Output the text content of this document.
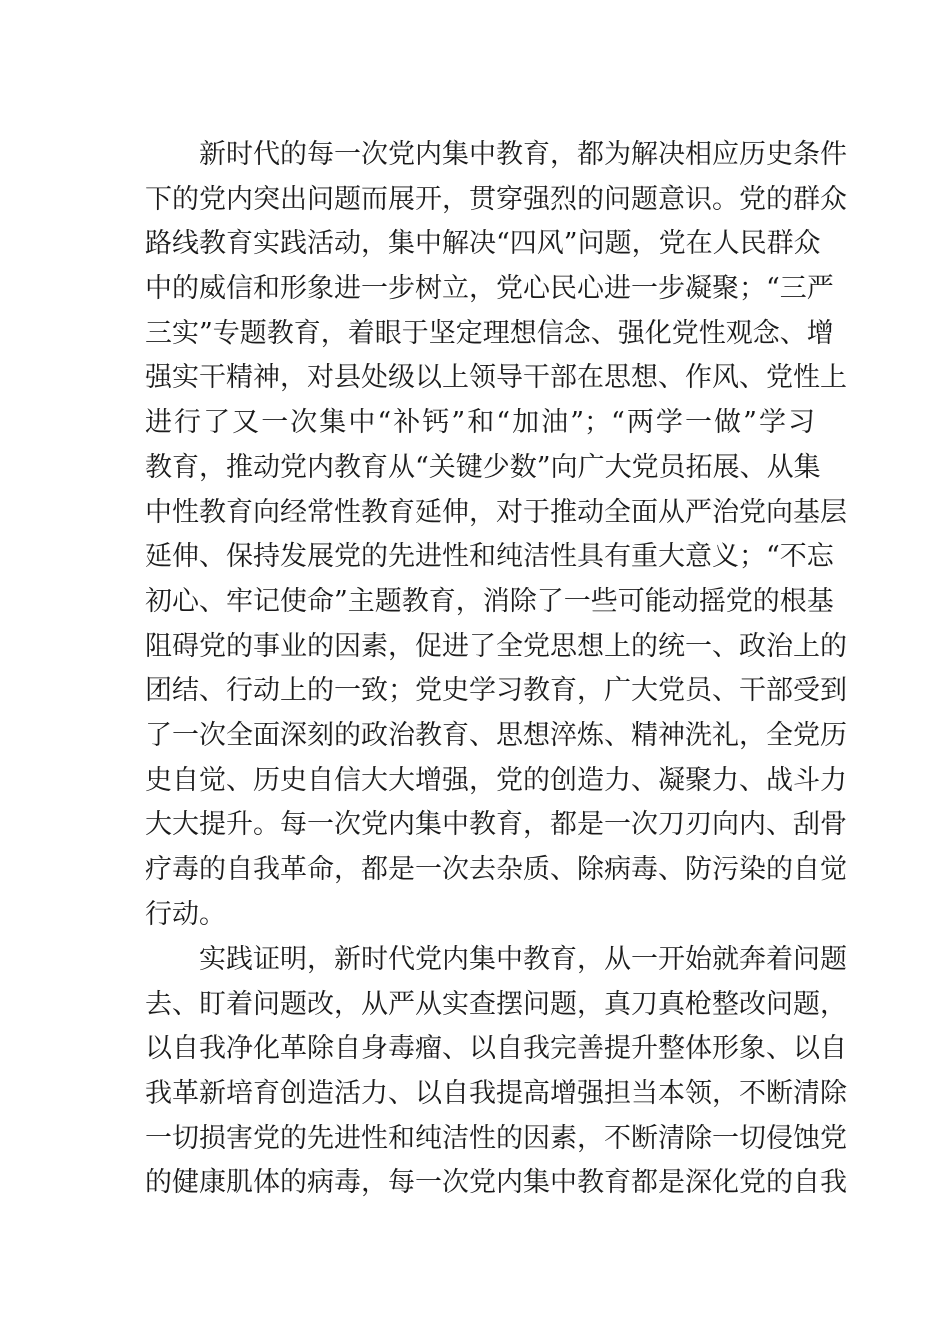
新时代的每一次党内集中教育，都为解决相应历史条件
下的党内突出问题而展开，贯穿强烈的问题意识。党的群众
路线教育实践活动，集中解决“四风”问题，党在人民群众
中的威信和形象进一步树立，党心民心进一步凝聚；“三严
三实”专题教育，着眼于坚定理想信念、强化党性观念、增
强实干精神，对县处级以上领导干部在思想、作风、党性上
进行了又一次集中“补钙”和“加油”；“两学一做”学习
教育，推动党内教育从“关键少数”向广大党员拓展、从集
中性教育向经常性教育延伸，对于推动全面从严治党向基层
延伸、保持发展党的先进性和纯洁性具有重大意义；“不忘
初心、牢记使命”主题教育，消除了一些可能动摇党的根基
阻碍党的事业的因素，促进了全党思想上的统一、政治上的
团结、行动上的一致；党史学习教育，广大党员、干部受到
了一次全面深刻的政治教育、思想淬炼、精神洗礼，全党历
史自觉、历史自信大大增强，党的创造力、凝聚力、战斗力
大大提升。每一次党内集中教育，都是一次刀刃向内、刮骨
疗毒的自我革命，都是一次去杂质、除病毒、防污染的自觉
行动。
实践证明，新时代党内集中教育，从一开始就奔着问题
去、盯着问题改，从严从实查摆问题，真刀真枪整改问题，
以自我净化革除自身毒瘤、以自我完善提升整体形象、以自
我革新培育创造活力、以自我提高增强担当本领，不断清除
一切损害党的先进性和纯洁性的因素，不断清除一切侵蚀党
的健康肌体的病毒，每一次党内集中教育都是深化党的自我
